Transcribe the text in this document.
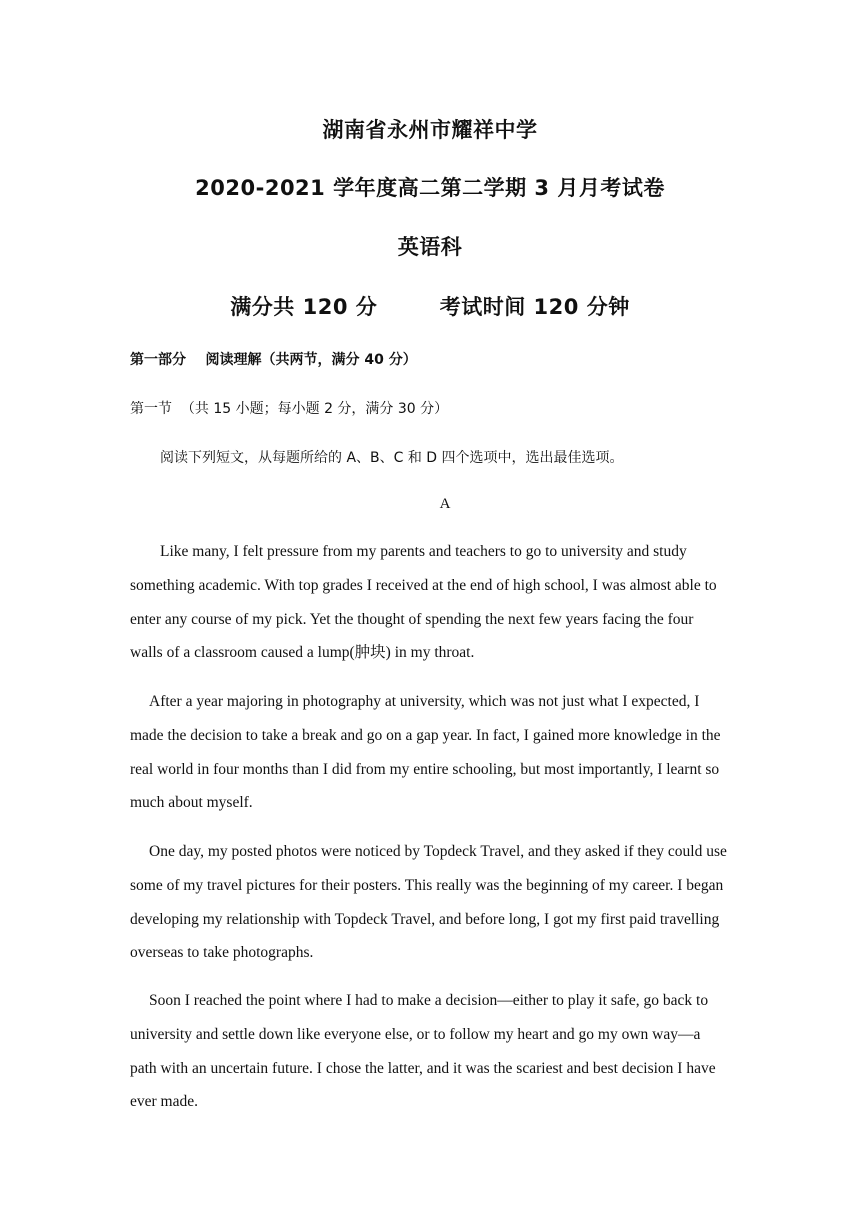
湖南省永州市耀祥中学
2020-2021 学年度高二第二学期 3 月月考试卷
英语科
满分共 120 分        考试时间 120 分钟
第一部分    阅读理解（共两节，满分 40 分）
第一节  （共 15 小题；每小题 2 分，满分 30 分）
阅读下列短文，从每题所给的 A、B、C 和 D 四个选项中，选出最佳选项。
A

Like many, I felt pressure from my parents and teachers to go to university and study something academic. With top grades I received at the end of high school, I was almost able to enter any course of my pick. Yet the thought of spending the next few years facing the four walls of a classroom caused a lump(肿块) in my throat.

After a year majoring in photography at university, which was not just what I expected, I made the decision to take a break and go on a gap year. In fact, I gained more knowledge in the real world in four months than I did from my entire schooling, but most importantly, I learnt so much about myself.

One day, my posted photos were noticed by Topdeck Travel, and they asked if they could use some of my travel pictures for their posters. This really was the beginning of my career. I began developing my relationship with Topdeck Travel, and before long, I got my first paid travelling overseas to take photographs.

Soon I reached the point where I had to make a decision—either to play it safe, go back to university and settle down like everyone else, or to follow my heart and go my own way—a path with an uncertain future. I chose the latter, and it was the scariest and best decision I have ever made.
